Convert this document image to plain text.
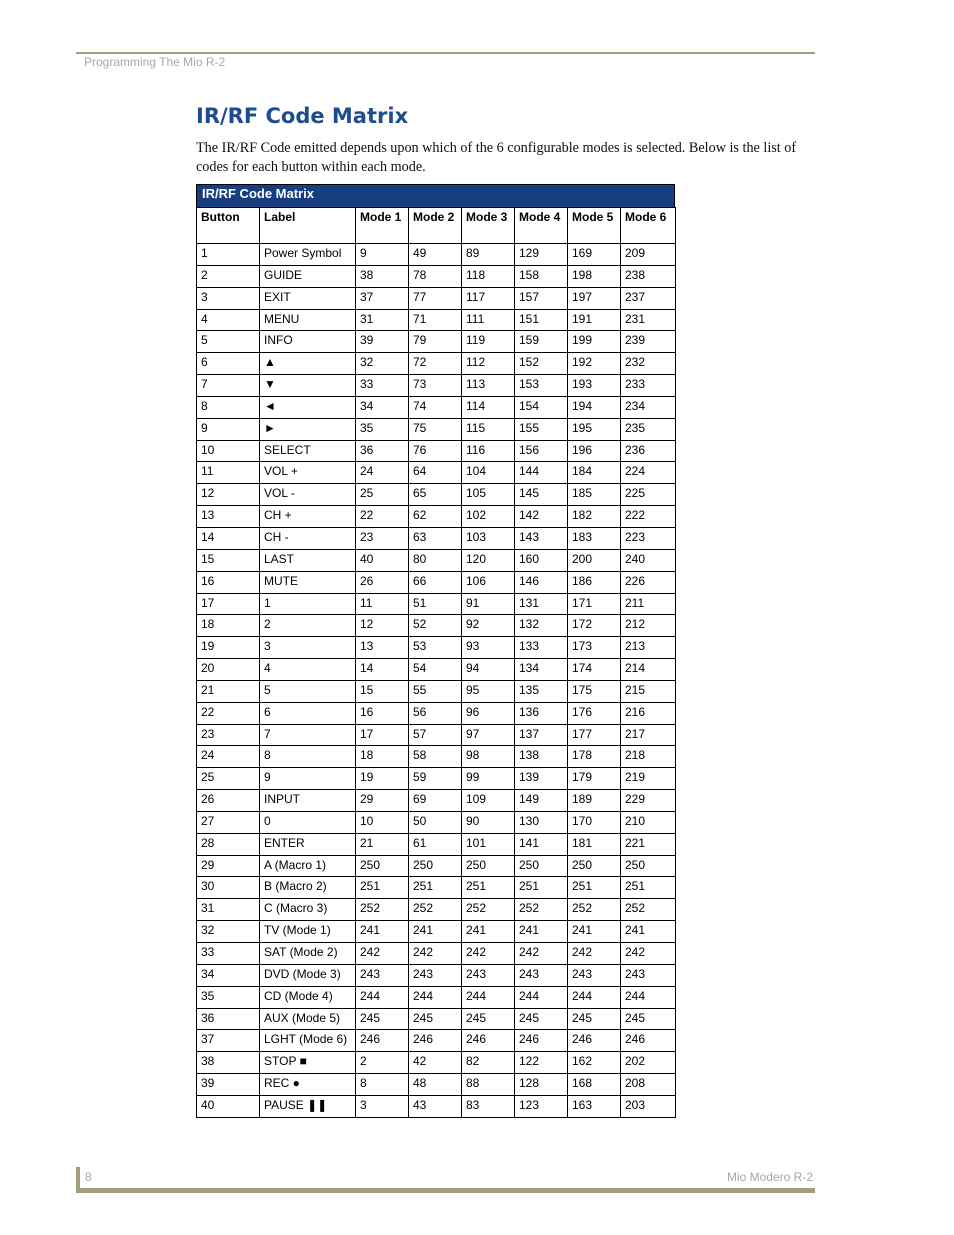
Programming The Mio R-2
IR/RF Code Matrix

The IR/RF Code emitted depends upon which of the 6 configurable modes is selected. Below is the list of codes for each button within each mode.

IR/RF Code Matrix
Button	Label	Mode 1	Mode 2	Mode 3	Mode 4	Mode 5	Mode 6
1	Power Symbol	9	49	89	129	169	209
2	GUIDE	38	78	118	158	198	238
3	EXIT	37	77	117	157	197	237
4	MENU	31	71	111	151	191	231
5	INFO	39	79	119	159	199	239
6	▲	32	72	112	152	192	232
7	▼	33	73	113	153	193	233
8	◄	34	74	114	154	194	234
9	►	35	75	115	155	195	235
10	SELECT	36	76	116	156	196	236
11	VOL +	24	64	104	144	184	224
12	VOL -	25	65	105	145	185	225
13	CH +	22	62	102	142	182	222
14	CH -	23	63	103	143	183	223
15	LAST	40	80	120	160	200	240
16	MUTE	26	66	106	146	186	226
17	1	11	51	91	131	171	211
18	2	12	52	92	132	172	212
19	3	13	53	93	133	173	213
20	4	14	54	94	134	174	214
21	5	15	55	95	135	175	215
22	6	16	56	96	136	176	216
23	7	17	57	97	137	177	217
24	8	18	58	98	138	178	218
25	9	19	59	99	139	179	219
26	INPUT	29	69	109	149	189	229
27	0	10	50	90	130	170	210
28	ENTER	21	61	101	141	181	221
29	A (Macro 1)	250	250	250	250	250	250
30	B (Macro 2)	251	251	251	251	251	251
31	C (Macro 3)	252	252	252	252	252	252
32	TV (Mode 1)	241	241	241	241	241	241
33	SAT (Mode 2)	242	242	242	242	242	242
34	DVD (Mode 3)	243	243	243	243	243	243
35	CD (Mode 4)	244	244	244	244	244	244
36	AUX (Mode 5)	245	245	245	245	245	245
37	LGHT (Mode 6)	246	246	246	246	246	246
38	STOP ■	2	42	82	122	162	202
39	REC ●	8	48	88	128	168	208
40	PAUSE ❚❚	3	43	83	123	163	203
8	Mio Modero R-2
